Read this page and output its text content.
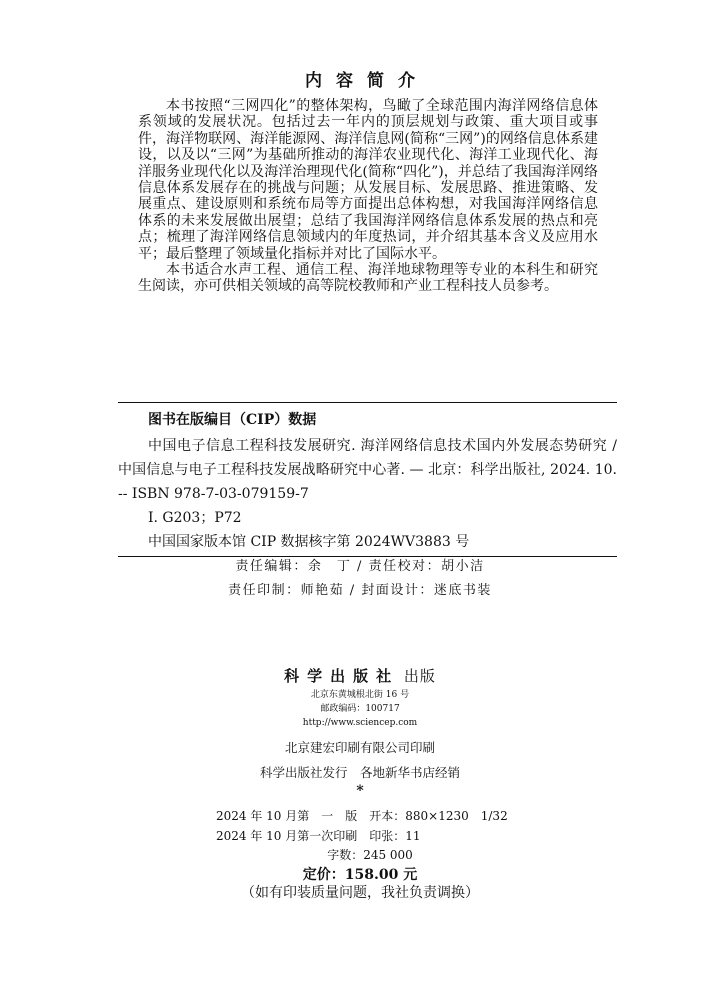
内容简介

本书按照“三网四化”的整体架构，鸟瞰了全球范围内海洋网络信息体系领域的发展状况。包括过去一年内的顶层规划与政策、重大项目或事件，海洋物联网、海洋能源网、海洋信息网(简称“三网”)的网络信息体系建设，以及以“三网”为基础所推动的海洋农业现代化、海洋工业现代化、海洋服务业现代化以及海洋治理现代化(简称“四化”)，并总结了我国海洋网络信息体系发展存在的挑战与问题；从发展目标、发展思路、推进策略、发展重点、建设原则和系统布局等方面提出总体构想，对我国海洋网络信息体系的未来发展做出展望；总结了我国海洋网络信息体系发展的热点和亮点；梳理了海洋网络信息领域内的年度热词，并介绍其基本含义及应用水平；最后整理了领域量化指标并对比了国际水平。

本书适合水声工程、通信工程、海洋地球物理等专业的本科生和研究生阅读，亦可供相关领域的高等院校教师和产业工程科技人员参考。

图书在版编目（CIP）数据
中国电子信息工程科技发展研究. 海洋网络信息技术国内外发展态势研究 / 中国信息与电子工程科技发展战略研究中心著. — 北京：科学出版社, 2024. 10. -- ISBN 978-7-03-079159-7
Ⅰ. G203；P72
中国国家版本馆 CIP 数据核字第 2024WV3883 号
责任编辑：余　丁 / 责任校对：胡小洁
责任印制：师艳茹 / 封面设计：迷底书装
科学出版社 出版
北京东黄城根北街 16 号
邮政编码：100717
http://www.sciencep.com
北京建宏印刷有限公司印刷
科学出版社发行　各地新华书店经销
*
2024 年 10 月第　一　版　开本：880×1230　1/32
2024 年 10 月第一次印刷　印张：11
字数：245 000
定价：158.00 元
（如有印装质量问题，我社负责调换）
